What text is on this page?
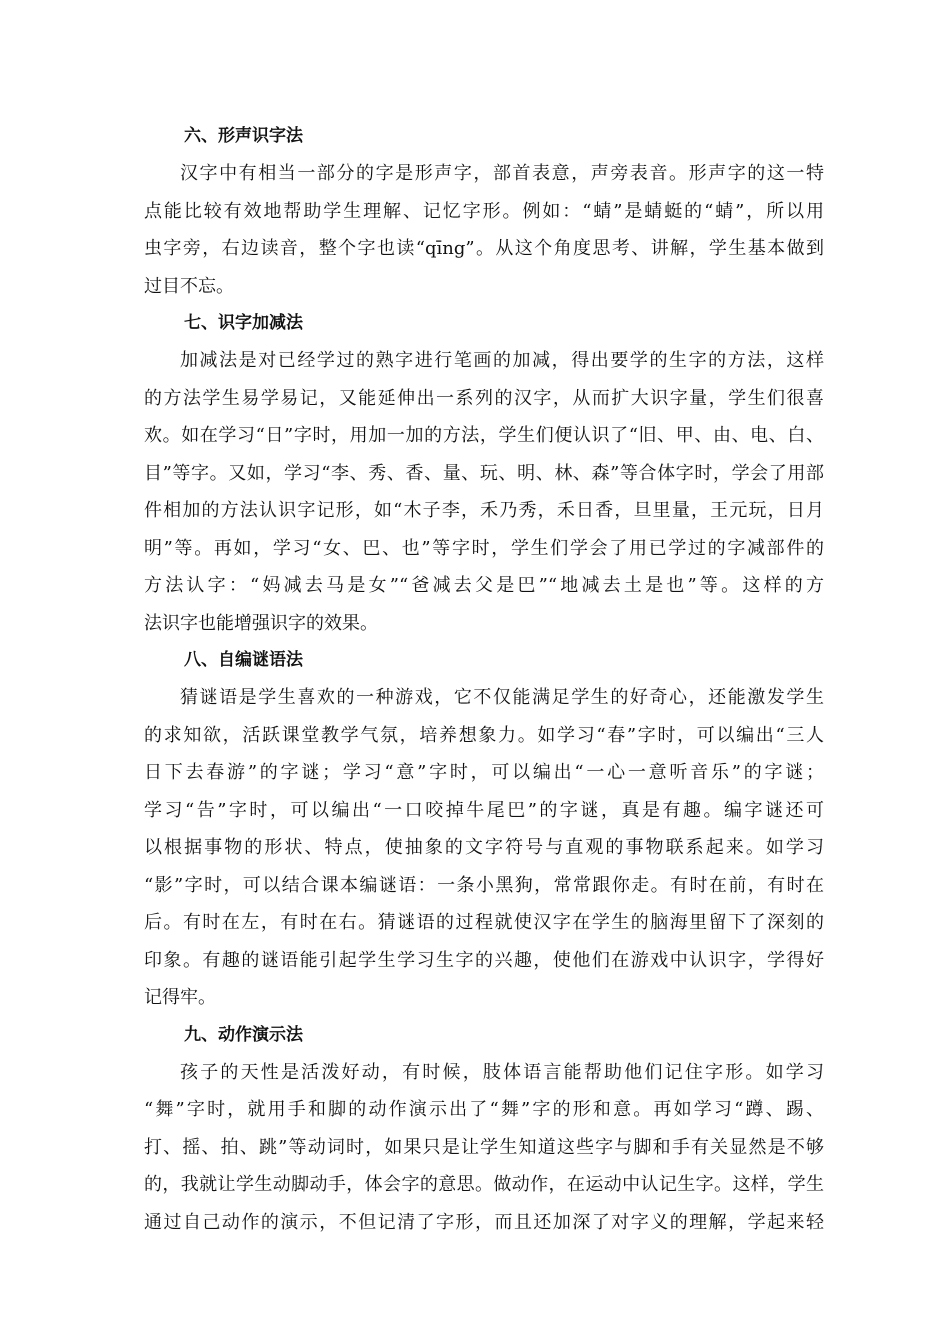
六、形声识字法
汉字中有相当一部分的字是形声字，部首表意，声旁表音。形声字的这一特
点能比较有效地帮助学生理解、记忆字形。例如：“蜻”是蜻蜓的“蜻”，所以用
虫字旁，右边读音，整个字也读“qīng”。从这个角度思考、讲解，学生基本做到
过目不忘。
七、识字加减法
加减法是对已经学过的熟字进行笔画的加减，得出要学的生字的方法，这样
的方法学生易学易记，又能延伸出一系列的汉字，从而扩大识字量，学生们很喜
欢。如在学习“日”字时，用加一加的方法，学生们便认识了“旧、甲、由、电、白、
目”等字。又如，学习“李、秀、香、量、玩、明、林、森”等合体字时，学会了用部
件相加的方法认识字记形，如“木子李，禾乃秀，禾日香，旦里量，王元玩，日月
明”等。再如，学习“女、巴、也”等字时，学生们学会了用已学过的字减部件的
方法认字：“妈减去马是女”“爸减去父是巴”“地减去土是也”等。这样的方
法识字也能增强识字的效果。
八、自编谜语法
猜谜语是学生喜欢的一种游戏，它不仅能满足学生的好奇心，还能激发学生
的求知欲，活跃课堂教学气氛，培养想象力。如学习“春”字时，可以编出“三人
日下去春游”的字谜；学习“意”字时，可以编出“一心一意听音乐”的字谜；
学习“告”字时，可以编出“一口咬掉牛尾巴”的字谜，真是有趣。编字谜还可
以根据事物的形状、特点，使抽象的文字符号与直观的事物联系起来。如学习
“影”字时，可以结合课本编谜语：一条小黑狗，常常跟你走。有时在前，有时在
后。有时在左，有时在右。猜谜语的过程就使汉字在学生的脑海里留下了深刻的
印象。有趣的谜语能引起学生学习生字的兴趣，使他们在游戏中认识字，学得好
记得牢。
九、动作演示法
孩子的天性是活泼好动，有时候，肢体语言能帮助他们记住字形。如学习
“舞”字时，就用手和脚的动作演示出了“舞”字的形和意。再如学习“蹲、踢、
打、摇、拍、跳”等动词时，如果只是让学生知道这些字与脚和手有关显然是不够
的，我就让学生动脚动手，体会字的意思。做动作，在运动中认记生字。这样，学生
通过自己动作的演示，不但记清了字形，而且还加深了对字义的理解，学起来轻
